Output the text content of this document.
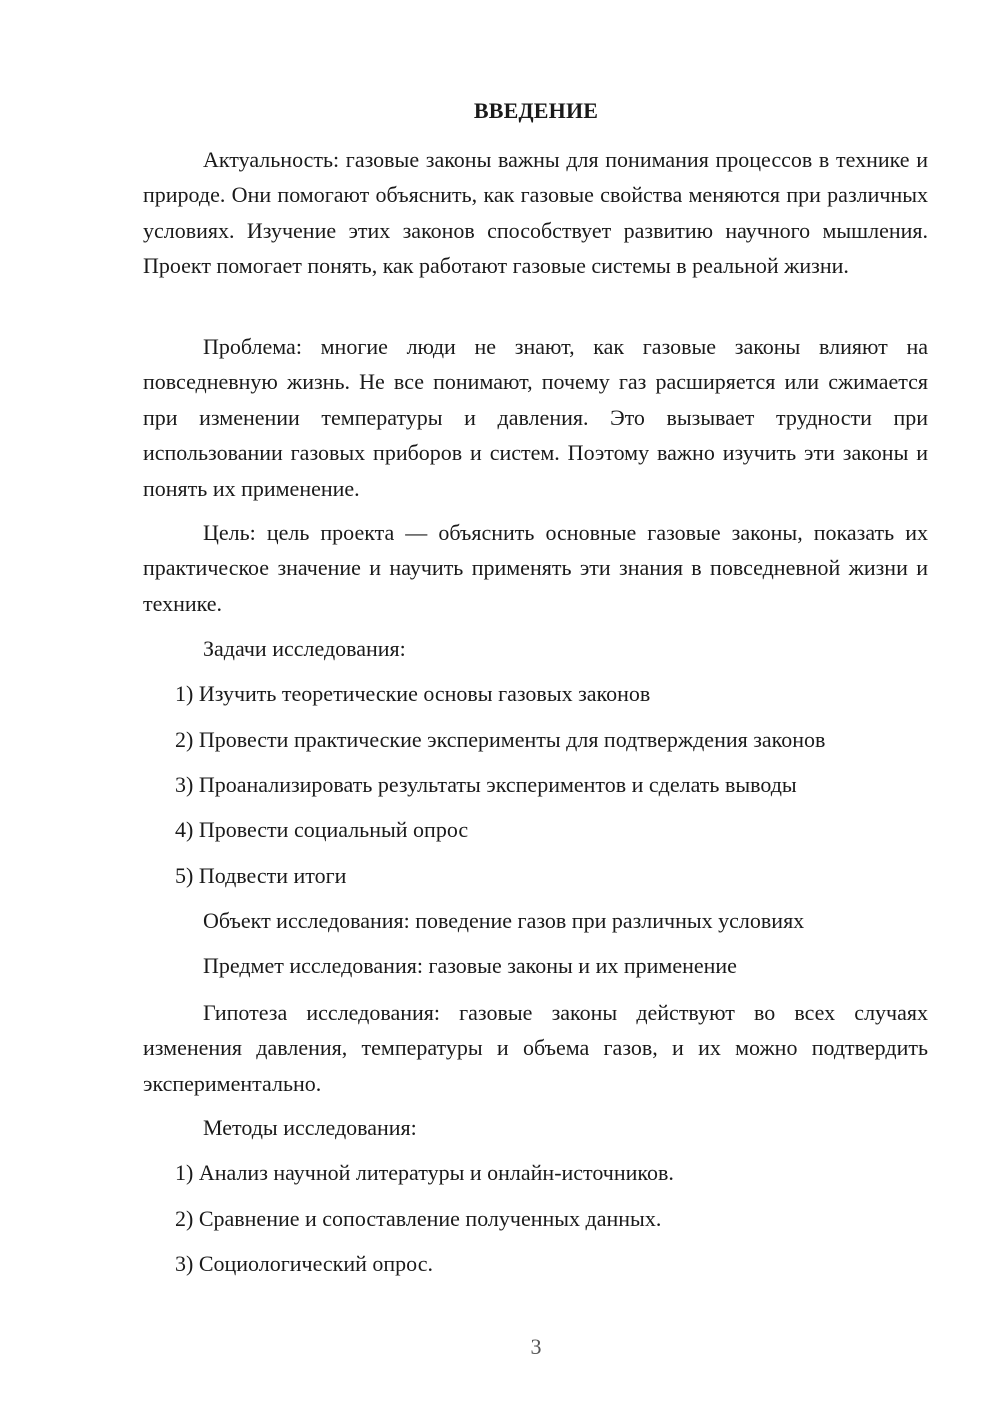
ВВЕДЕНИЕ

Актуальность: газовые законы важны для понимания процессов в технике и природе. Они помогают объяснить, как газовые свойства меняются при различных условиях. Изучение этих законов способствует развитию научного мышления. Проект помогает понять, как работают газовые системы в реальной жизни.

Проблема: многие люди не знают, как газовые законы влияют на повседневную жизнь. Не все понимают, почему газ расширяется или сжимается при изменении температуры и давления. Это вызывает трудности при использовании газовых приборов и систем. Поэтому важно изучить эти законы и понять их применение.

Цель: цель проекта — объяснить основные газовые законы, показать их практическое значение и научить применять эти знания в повседневной жизни и технике.

Задачи исследования:

1) Изучить теоретические основы газовых законов

2) Провести практические эксперименты для подтверждения законов

3) Проанализировать результаты экспериментов и сделать выводы

4) Провести социальный опрос

5) Подвести итоги

Объект исследования: поведение газов при различных условиях

Предмет исследования: газовые законы и их применение

Гипотеза исследования: газовые законы действуют во всех случаях изменения давления, температуры и объема газов, и их можно подтвердить экспериментально.

Методы исследования:

1) Анализ научной литературы и онлайн-источников.

2) Сравнение и сопоставление полученных данных.

3) Социологический опрос.

3
